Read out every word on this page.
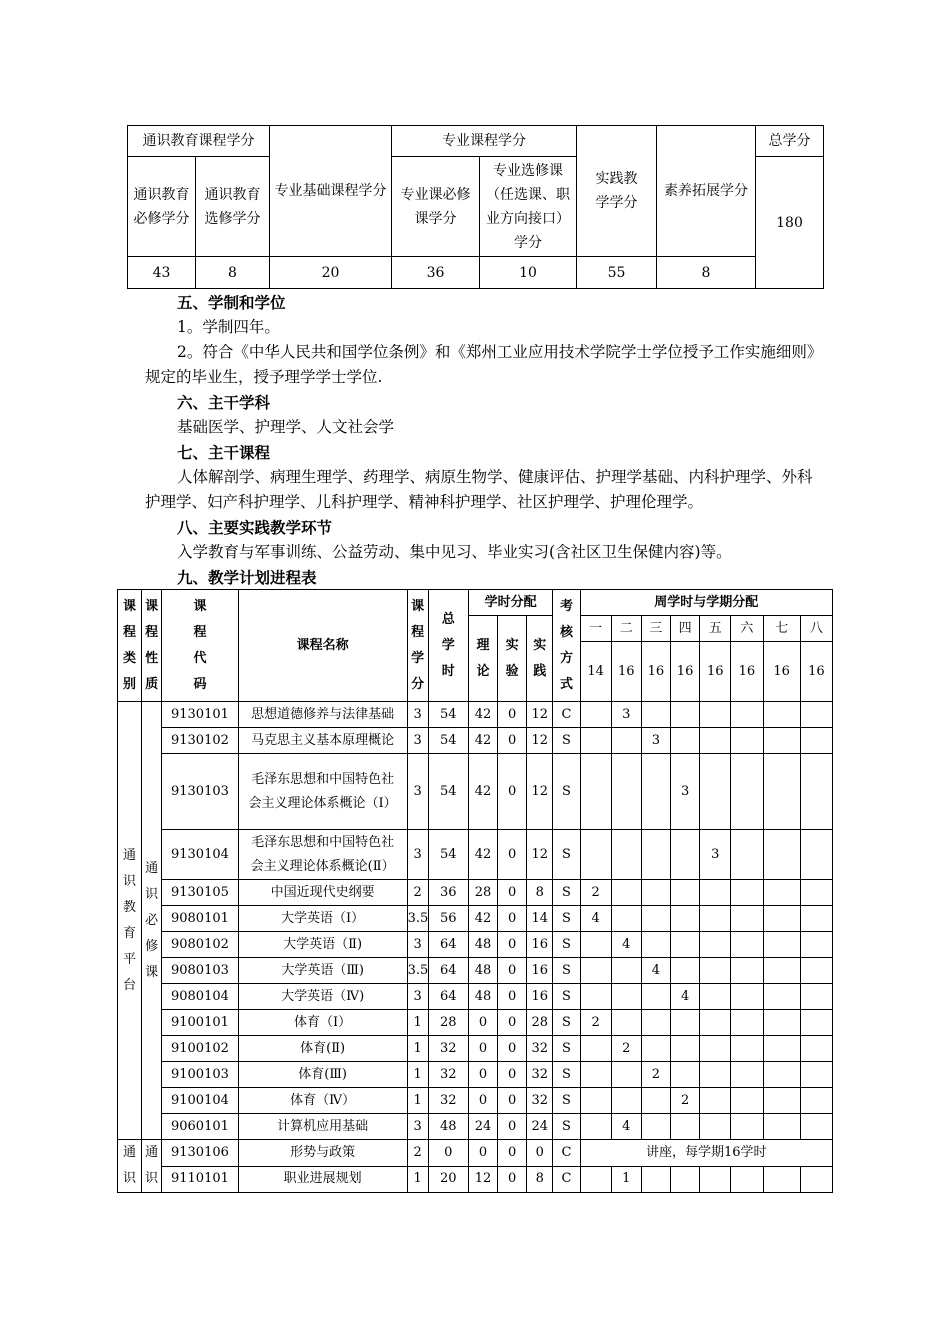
通识教育课程学分		专业基础课程学分	专业课程学分		实践教学学分	素养拓展学分	总学分
通识教育必修学分	通识教育选修学分		专业课必修课学分	专业选修课（任选课、职业方向接口）学分			180
43	8	20	36	10	55	8	
五、学制和学位
1。学制四年。
2。符合《中华人民共和国学位条例》和《郑州工业应用技术学院学士学位授予工作实施细则》规定的毕业生，授予理学学士学位.
六、主干学科
基础医学、护理学、人文社会学
七、主干课程
人体解剖学、病理生理学、药理学、病原生物学、健康评估、护理学基础、内科护理学、外科护理学、妇产科护理学、儿科护理学、精神科护理学、社区护理学、护理伦理学。
八、主要实践教学环节
入学教育与军事训练、公益劳动、集中见习、毕业实习(含社区卫生保健内容)等。
九、教学计划进程表
课程类别	课程性质	课程代码	课程名称	课程学分	总学时	学时分配			考核方式	周学时与学期分配							
						理论	实验	实践		一	二	三	四	五	六	七	八
										14	16	16	16	16	16	16	16
通识教育平台	通识必修课	9130101	思想道德修养与法律基础	3	54	42	0	12	C		3						
		9130102	马克思主义基本原理概论	3	54	42	0	12	S			3					
		9130103	毛泽东思想和中国特色社会主义理论体系概论（Ⅰ）	3	54	42	0	12	S				3				
		9130104	毛泽东思想和中国特色社会主义理论体系概论(Ⅱ）	3	54	42	0	12	S					3			
		9130105	中国近现代史纲要	2	36	28	0	8	S	2							
		9080101	大学英语（Ⅰ）	3.5	56	42	0	14	S	4							
		9080102	大学英语（Ⅱ)	3	64	48	0	16	S		4						
		9080103	大学英语（Ⅲ)	3.5	64	48	0	16	S			4					
		9080104	大学英语（Ⅳ)	3	64	48	0	16	S				4				
		9100101	体育（Ⅰ）	1	28	0	0	28	S	2							
		9100102	体育(Ⅱ)	1	32	0	0	32	S		2						
		9100103	体育(Ⅲ)	1	32	0	0	32	S			2					
		9100104	体育（Ⅳ）	1	32	0	0	32	S				2				
		9060101	计算机应用基础	3	48	24	0	24	S		4						
通识	通识	9130106	形势与政策	2	0	0	0	0	C	讲座，每学期16学时							
		9110101	职业进展规划	1	20	12	0	8	C		1						
